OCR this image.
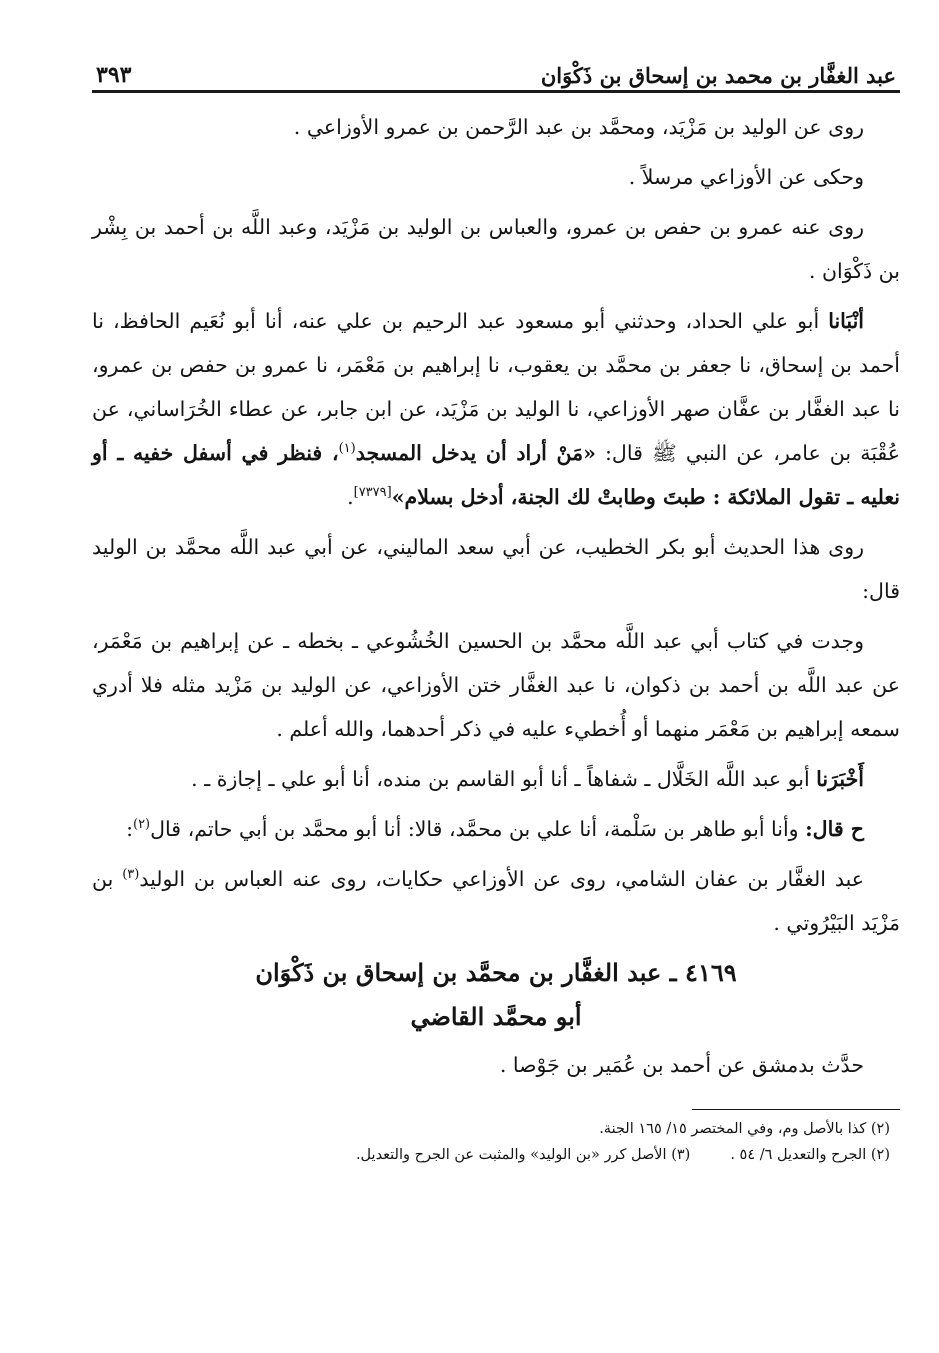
عبد الغفَّار بن محمد بن إسحاق بن ذَكْوَان
٣٩٣

روى عن الوليد بن مَزْيَد، ومحمَّد بن عبد الرَّحمن بن عمرو الأوزاعي .

وحكى عن الأوزاعي مرسلاً .

روى عنه عمرو بن حفص بن عمرو، والعباس بن الوليد بن مَزْيَد، وعبد اللَّه بن أحمد بن بِشْر بن ذَكْوَان .

أنْبَانا أبو علي الحداد، وحدثني أبو مسعود عبد الرحيم بن علي عنه، أنا أبو نُعَيم الحافظ، نا أحمد بن إسحاق، نا جعفر بن محمَّد بن يعقوب، نا إبراهيم بن مَعْمَر، نا عمرو بن حفص بن عمرو، نا عبد الغفَّار بن عفَّان صهر الأوزاعي، نا الوليد بن مَزْيَد، عن ابن جابر، عن عطاء الخُرَاساني، عن عُقْبَة بن عامر، عن النبي ﷺ قال: «مَنْ أراد أن يدخل المسجد$^{(١)}$، فنظر في أسفل خفيه ـ أو نعليه ـ تقول الملائكة : طبتَ وطابتْ لك الجنة، أدخل بسلام»[٧٣٧٩].

روى هذا الحديث أبو بكر الخطيب، عن أبي سعد الماليني، عن أبي عبد اللَّه محمَّد بن الوليد قال:

وجدت في كتاب أبي عبد اللَّه محمَّد بن الحسين الخُشُوعي ـ بخطه ـ عن إبراهيم بن مَعْمَر، عن عبد اللَّه بن أحمد بن ذكوان، نا عبد الغفَّار ختن الأوزاعي، عن الوليد بن مَزْيد مثله فلا أدري سمعه إبراهيم بن مَعْمَر منهما أو أُخطيء عليه في ذكر أحدهما، والله أعلم .

أَخْبَرَنا أبو عبد اللَّه الخَلَّال ـ شفاهاً ـ أنا أبو القاسم بن منده، أنا أبو علي ـ إجازة ـ .

ح قال: وأنا أبو طاهر بن سَلْمة، أنا علي بن محمَّد، قالا: أنا أبو محمَّد بن أبي حاتم، قال$^{(٢)}$:

عبد الغفَّار بن عفان الشامي، روى عن الأوزاعي حكايات، روى عنه العباس بن الوليد$^{(٣)}$ بن مَزْيَد البَيْرُوتي .

٤١٦٩ ـ عبد الغفَّار بن محمَّد بن إسحاق بن ذَكْوَان
أبو محمَّد القاضي

حدَّث بدمشق عن أحمد بن عُمَير بن جَوْصا .

(٢) كذا بالأصل وم، وفي المختصر ١٥/ ١٦٥ الجنة.
(٢) الجرح والتعديل ٦/ ٥٤ .
(٣) الأصل كرر «بن الوليد» والمثبت عن الجرح والتعديل.
